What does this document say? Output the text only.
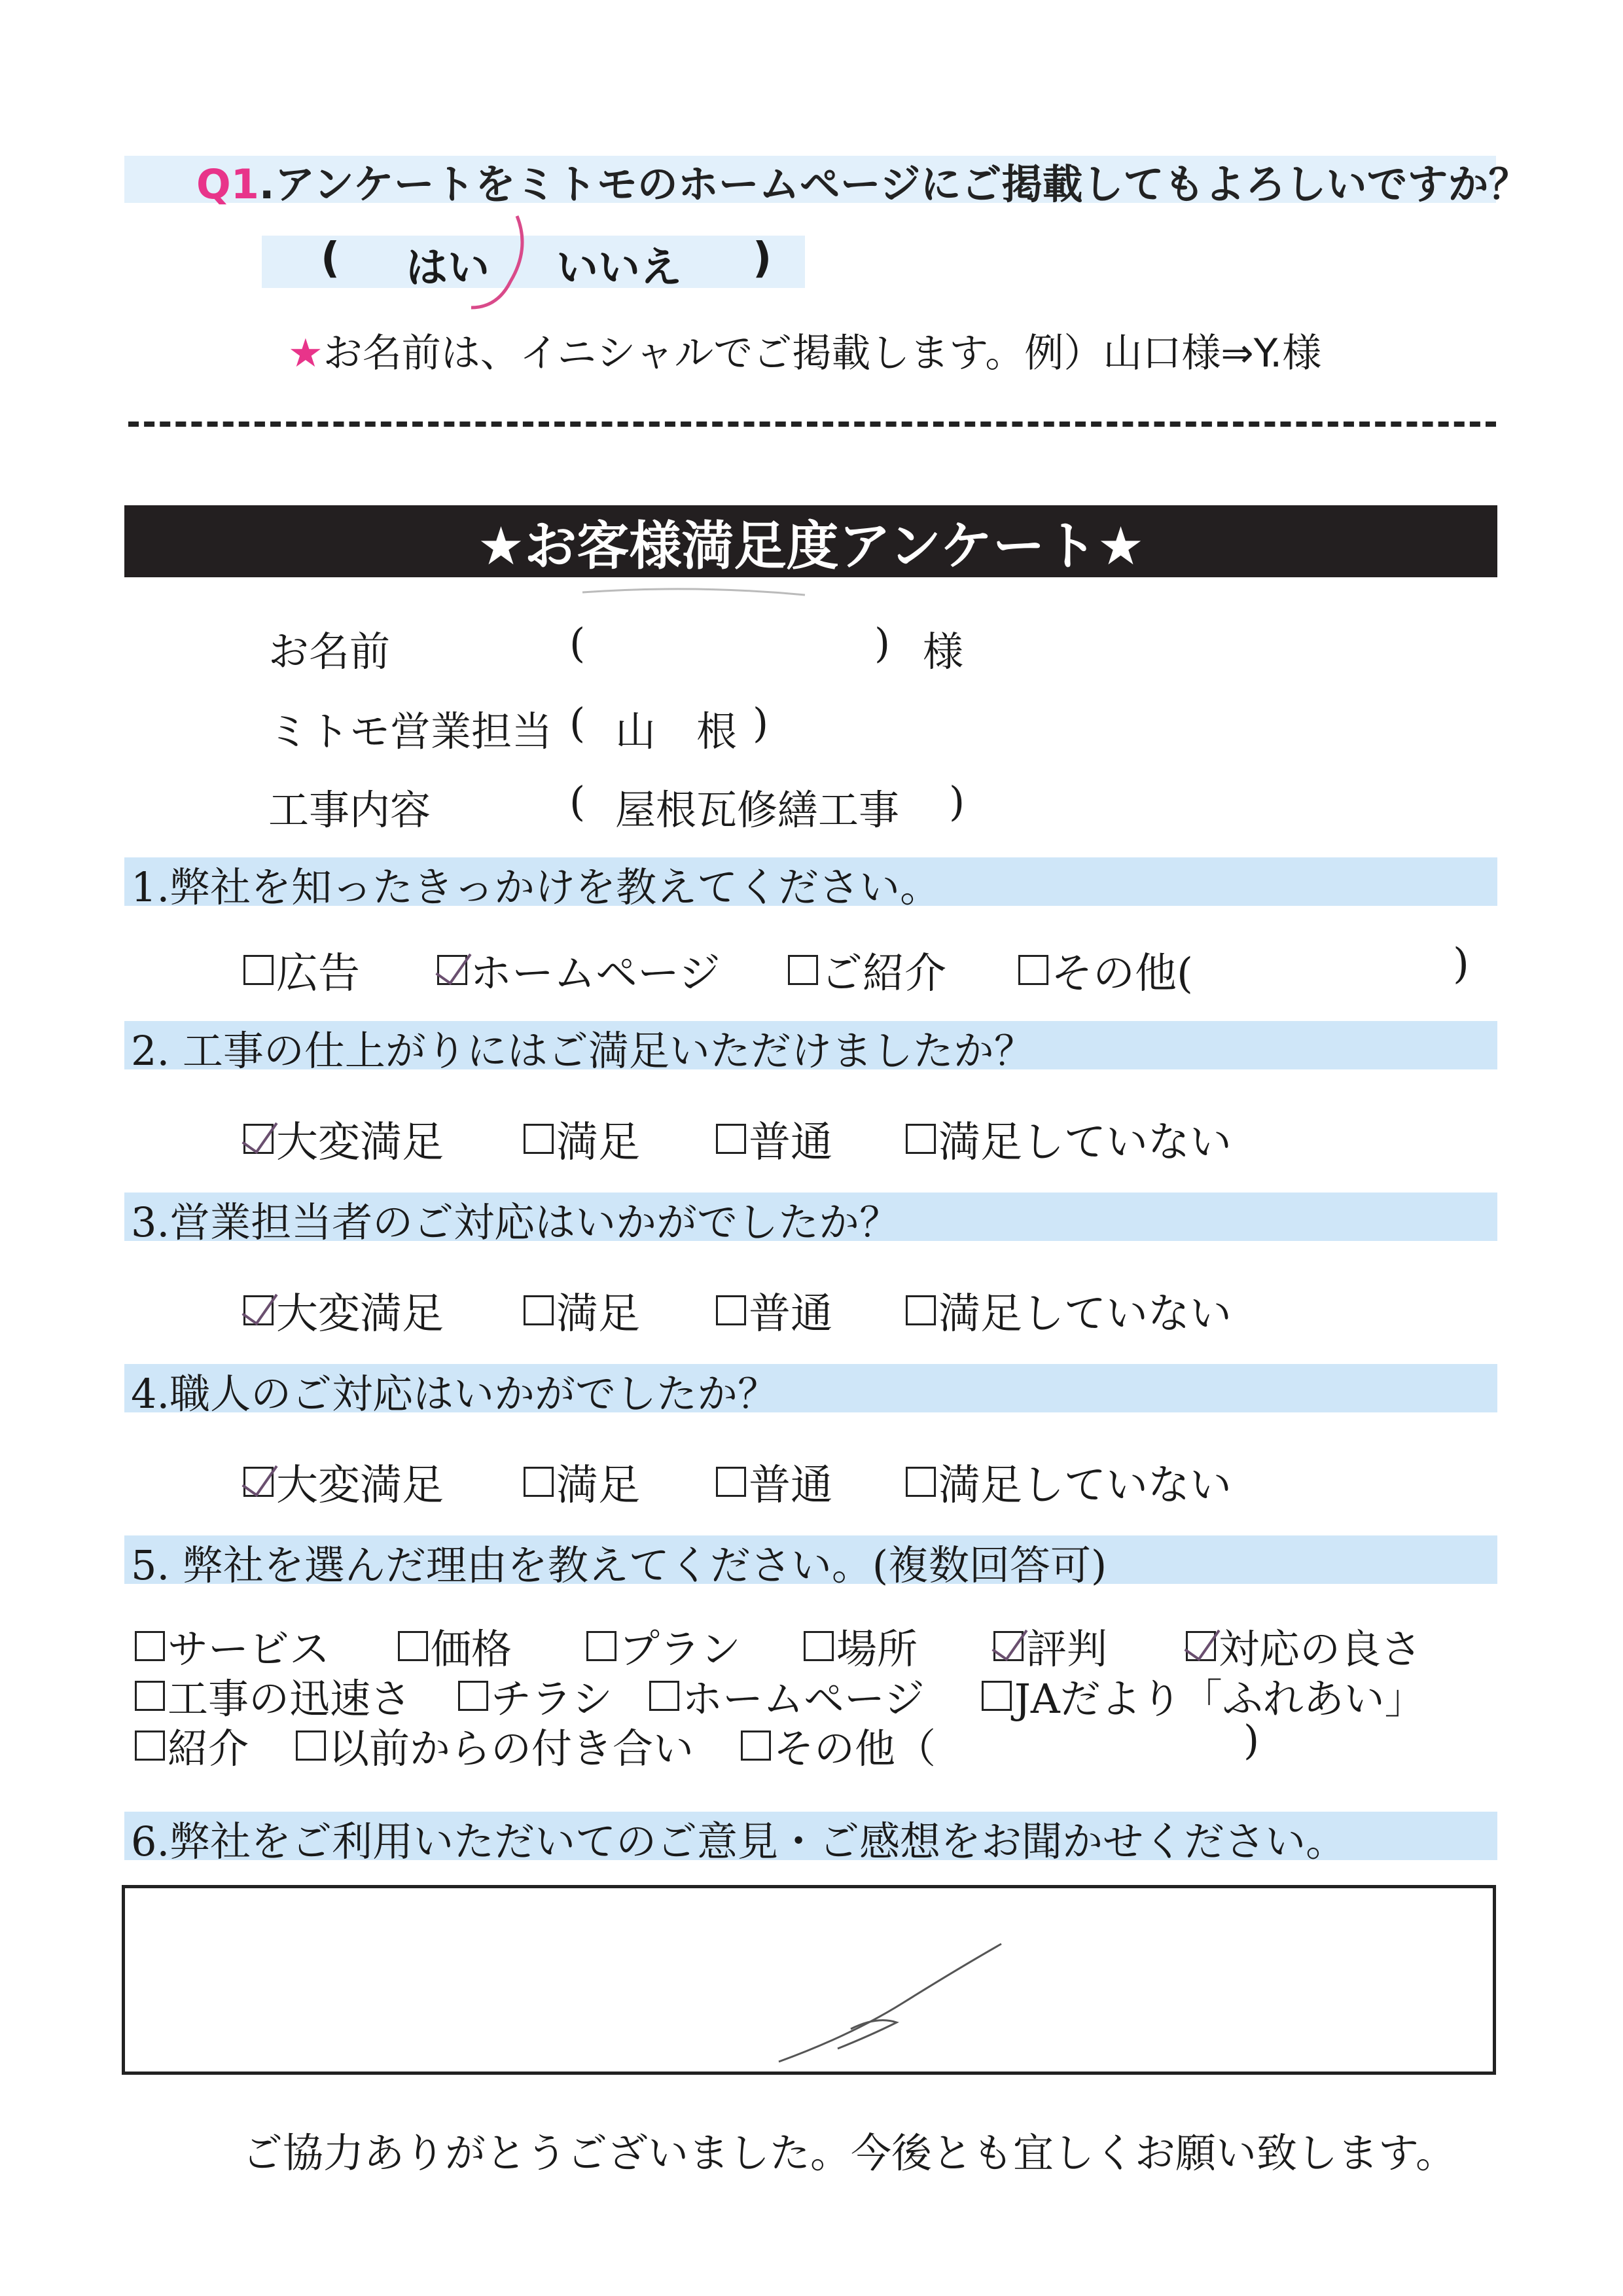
Q1.アンケートをミトモのホームページにご掲載してもよろしいですか？
( はい いいえ )
★お名前は、イニシャルでご掲載します。例）山口様⇒Y.様
★お客様満足度アンケート★
お名前	(	) 様
ミトモ営業担当 ( 山　根 )
工事内容	( 屋根瓦修繕工事 )
1.弊社を知ったきっかけを教えてください。
広告	ホームページ ご紹介	その他(	)
2. 工事の仕上がりにはご満足いただけましたか？
大変満足	満足	普通	満足していない
3.営業担当者のご対応はいかがでしたか？
大変満足	満足	普通	満足していない
4.職人のご対応はいかがでしたか？
大変満足	満足	普通	満足していない
5. 弊社を選んだ理由を教えてください。(複数回答可)
サービス 価格	プラン 場所	評判	対応の良さ
工事の迅速さ チラシ ホームページ JAだより「ふれあい」
紹介 以前からの付き合い その他（	)
6.弊社をご利用いただいてのご意見・ご感想をお聞かせください。
ご協力ありがとうございました。今後とも宜しくお願い致します。
